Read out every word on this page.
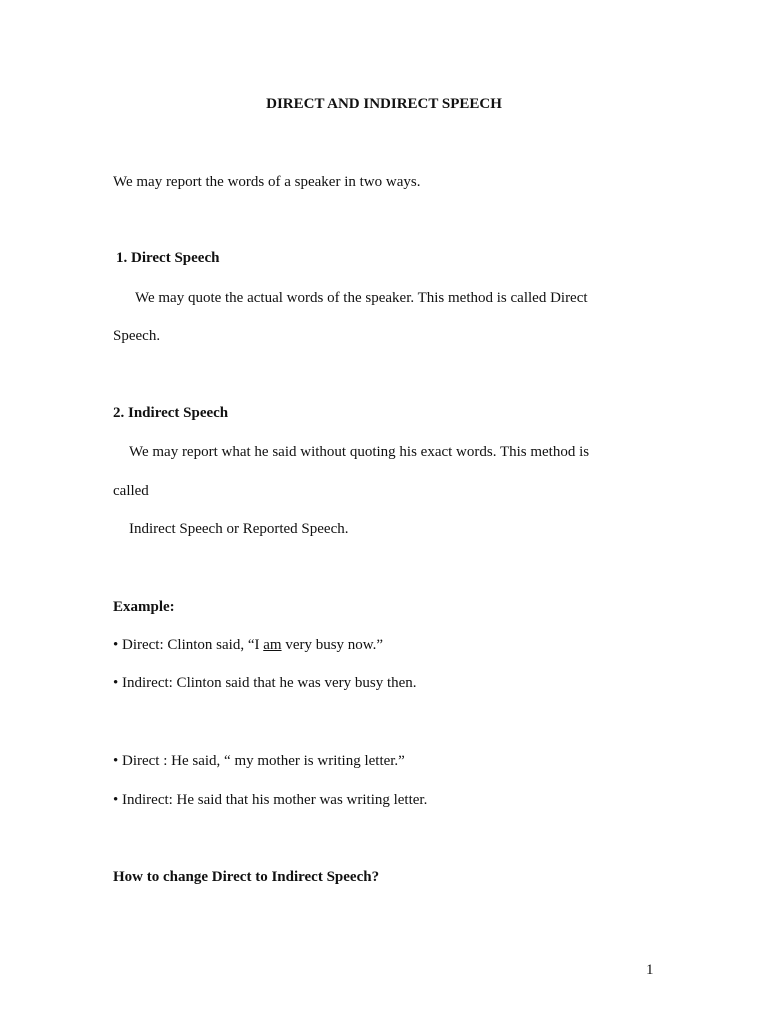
DIRECT AND INDIRECT SPEECH
We may report the words of a speaker in two ways.
1. Direct Speech
We may quote the actual words of the speaker. This method is called Direct
Speech.
2. Indirect Speech
We may report what he said without quoting his exact words. This method is
called
Indirect Speech or Reported Speech.
Example:
• Direct: Clinton said, “I am very busy now.”
• Indirect: Clinton said that he was very busy then.
• Direct : He said, “ my mother is writing letter.”
• Indirect: He said that his mother was writing letter.
How to change Direct to Indirect Speech?
1
